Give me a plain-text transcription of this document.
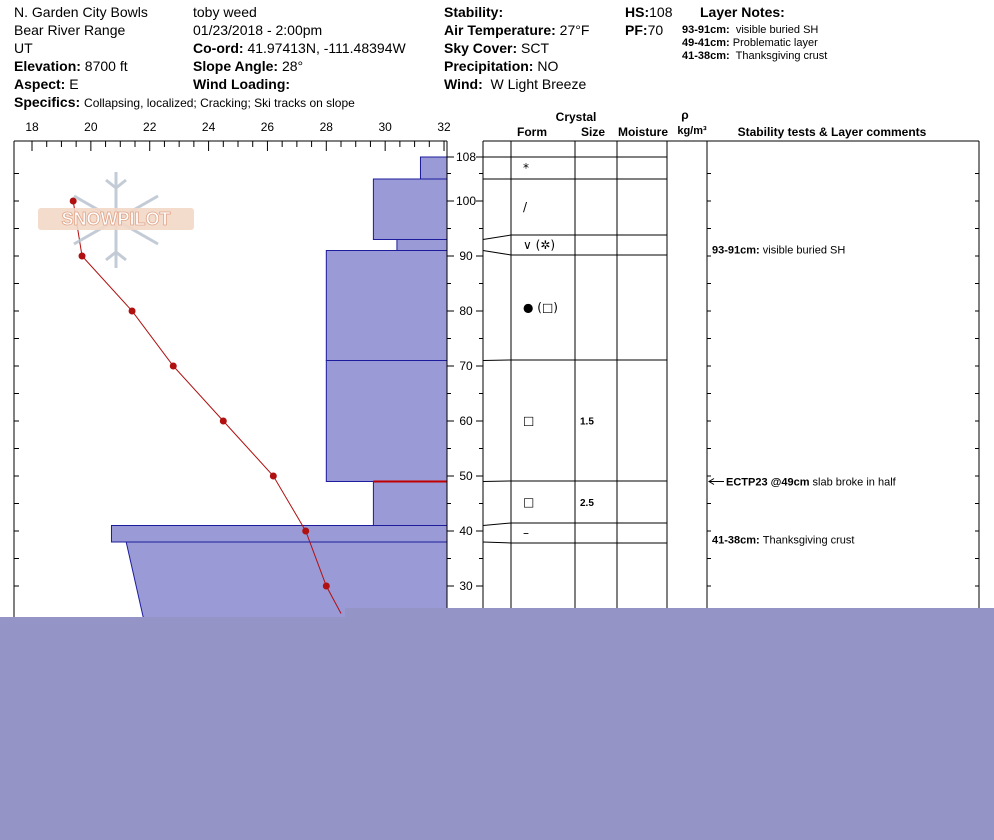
N. Garden City Bowls
Bear River Range
UT
Elevation: 8700 ft
Aspect: E
Specifics: Collapsing, localized; Cracking; Ski tracks on slope
toby weed
01/23/2018 - 2:00pm
Co-ord: 41.97413N, -111.48394W
Slope Angle: 28°
Wind Loading:
Stability:
Air Temperature: 27°F
Sky Cover: SCT
Precipitation: NO
Wind: W Light Breeze
HS:108
PF:70
Layer Notes:
93-91cm: visible buried SH
49-41cm: Problematic layer
41-38cm: Thanksgiving crust
18	20	22	24	26	28	30	32
30
40
50
60
70
80
90
100
108
Crystal
Form	Size Moisture
ρ
kg/m³	Stability tests & Layer comments
*
/
∨ (✲)
● (□)
□	1.5
□	2.5
–
93-91cm: visible buried SH
ECTP23 @49cm slab broke in half
41-38cm: Thanksgiving crust
SNOWPILOT
